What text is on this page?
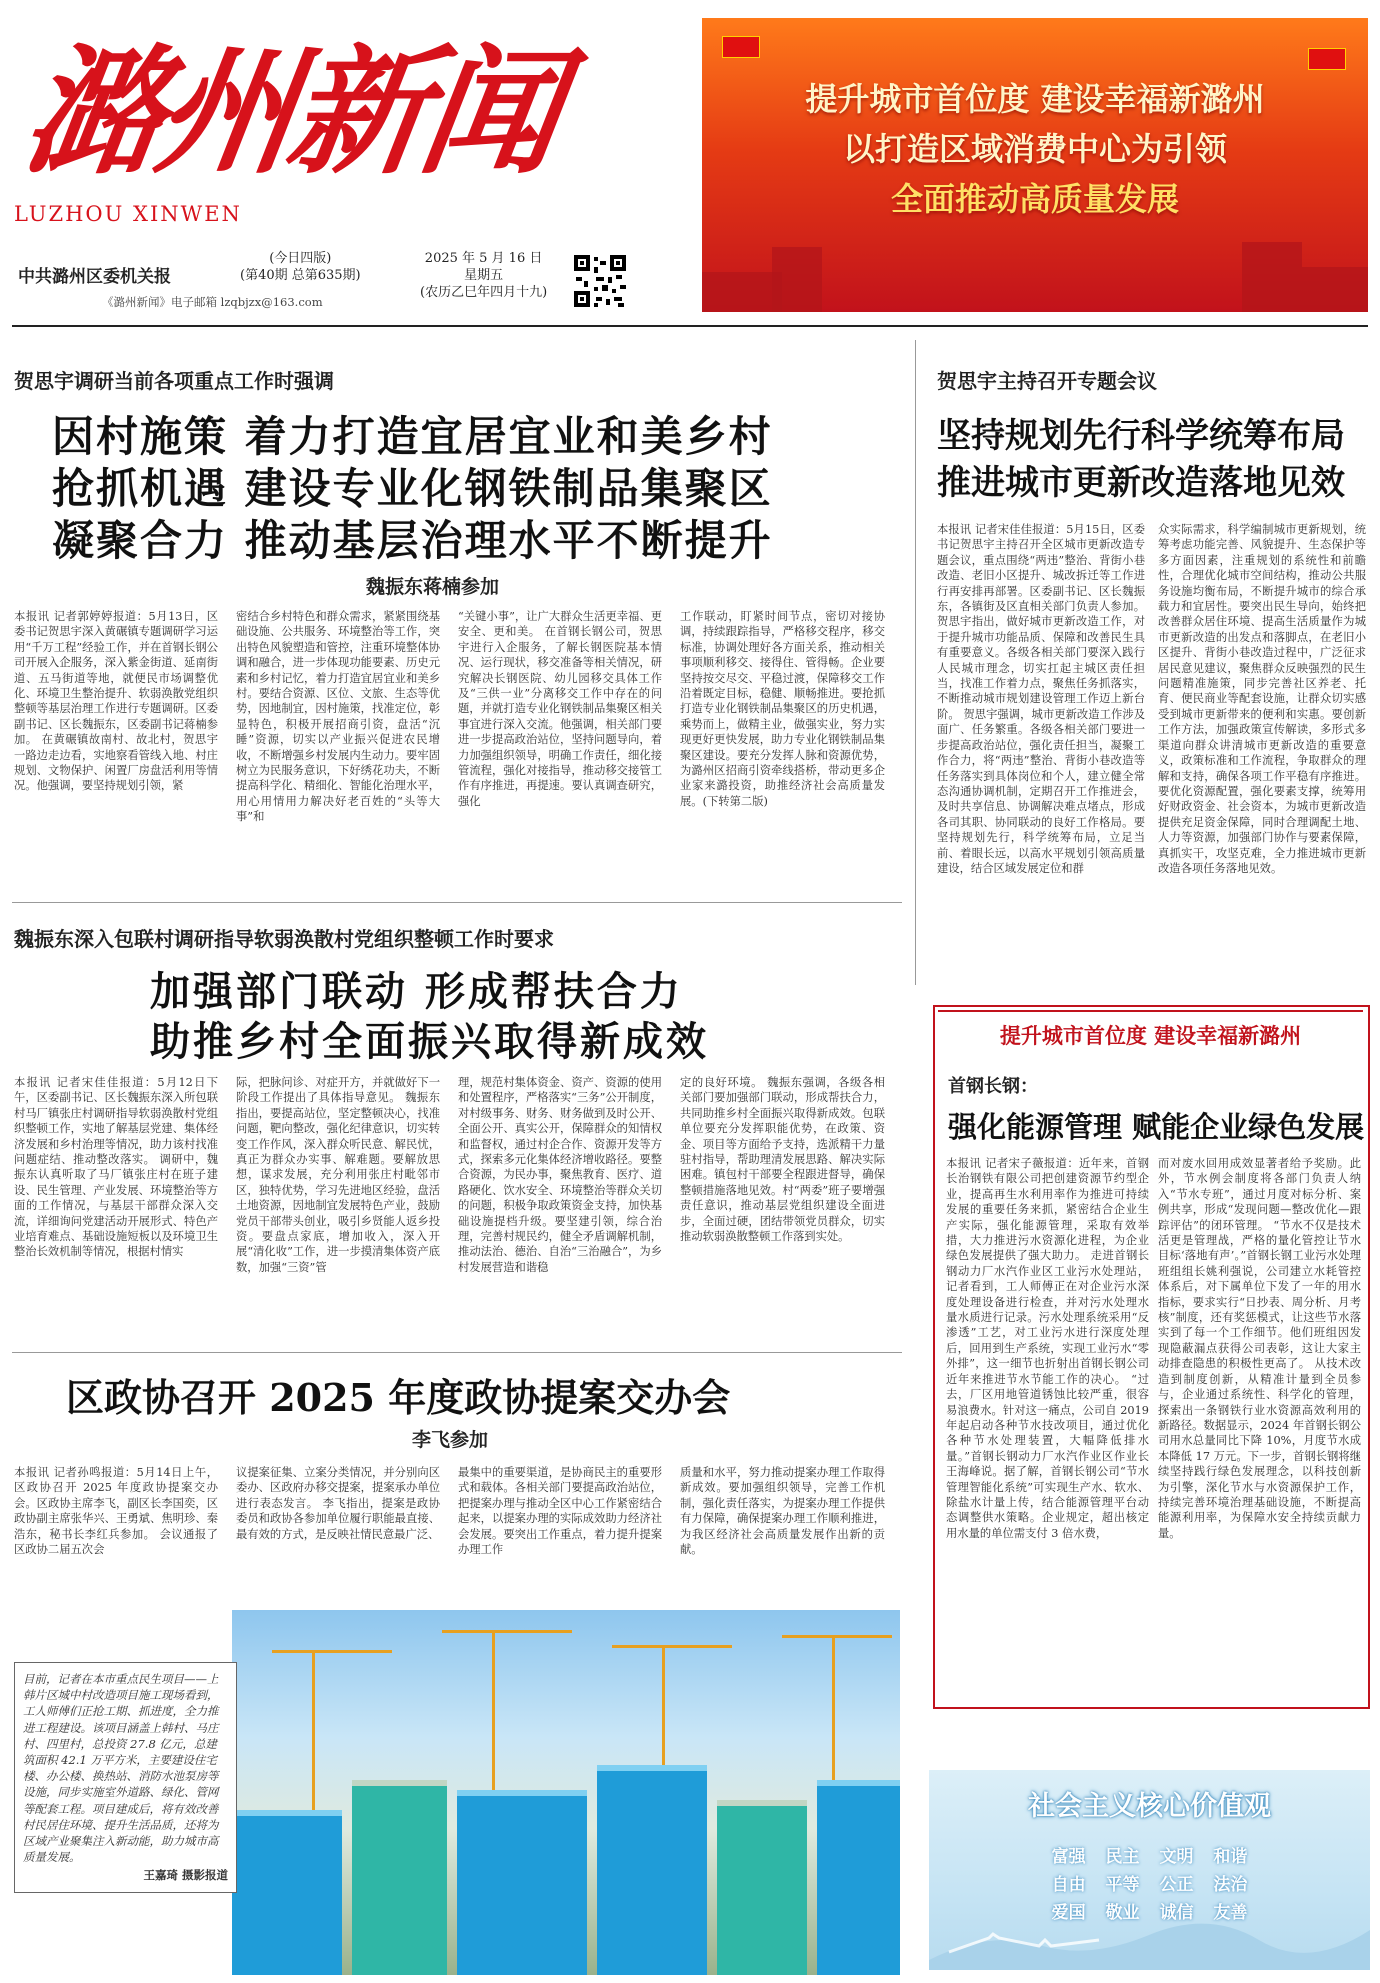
潞州新闻
LUZHOU XINWEN
提升城市首位度 建设幸福新潞州
以打造区域消费中心为引领
全面推动高质量发展
中共潞州区委机关报
《潞州新闻》电子邮箱 lzqbjzx@163.com
(今日四版)
(第40期 总第635期)
2025 年 5 月 16 日
星期五
(农历乙巳年四月十九)
贺思宇调研当前各项重点工作时强调
因村施策 着力打造宜居宜业和美乡村
抢抓机遇 建设专业化钢铁制品集聚区
凝聚合力 推动基层治理水平不断提升
魏振东蒋楠参加
本报讯 记者郭婷婷报道：5月13日，区委书记贺思宇深入黄碾镇专题调研学习运用“千万工程”经验工作，并在首钢长钢公司开展入企服务，深入紫金街道、延南街道、五马街道等地，就便民市场调整优化、环境卫生整治提升、软弱涣散党组织整顿等基层治理工作进行专题调研。区委副书记、区长魏振东，区委副书记蒋楠参加。 在黄碾镇故南村、故北村，贺思宇一路边走边看，实地察看管线入地、村庄规划、文物保护、闲置厂房盘活利用等情况。他强调，要坚持规划引领，紧
密结合乡村特色和群众需求，紧紧围绕基础设施、公共服务、环境整治等工作，突出特色风貌塑造和管控，注重环境整体协调和融合，进一步体现功能要素、历史元素和乡村记忆，着力打造宜居宜业和美乡村。要结合资源、区位、文旅、生态等优势，因地制宜，因村施策，找准定位，彰显特色，积极开展招商引资，盘活“沉睡”资源，切实以产业振兴促进农民增收，不断增强乡村发展内生动力。要牢固树立为民服务意识，下好绣花功夫，不断提高科学化、精细化、智能化治理水平，用心用情用力解决好老百姓的“头等大事”和
“关键小事”，让广大群众生活更幸福、更安全、更和美。 在首钢长钢公司，贺思宇进行入企服务，了解长钢医院基本情况、运行现状，移交准备等相关情况，研究解决长钢医院、幼儿园移交具体工作及“三供一业”分离移交工作中存在的问题，并就打造专业化钢铁制品集聚区相关事宜进行深入交流。他强调，相关部门要进一步提高政治站位，坚持问题导向，着力加强组织领导，明确工作责任，细化接管流程，强化对接指导，推动移交接管工作有序推进，再提速。要认真调查研究，强化
工作联动，盯紧时间节点，密切对接协调，持续跟踪指导，严格移交程序，移交标准，协调处理好各方面关系，推动相关事项顺利移交、接得住、管得畅。企业要坚持按交尽交、平稳过渡，保障移交工作沿着既定目标，稳健、顺畅推进。要抢抓打造专业化钢铁制品集聚区的历史机遇，乘势而上，做精主业，做强实业，努力实现更好更快发展，助力专业化钢铁制品集聚区建设。要充分发挥人脉和资源优势，为潞州区招商引资牵线搭桥，带动更多企业家来潞投资，助推经济社会高质量发展。(下转第二版)
贺思宇主持召开专题会议
坚持规划先行科学统筹布局
推进城市更新改造落地见效
本报讯 记者宋佳佳报道：5月15日，区委书记贺思宇主持召开全区城市更新改造专题会议，重点围绕“两违”整治、背街小巷改造、老旧小区提升、城改拆迁等工作进行再安排再部署。区委副书记、区长魏振东，各镇街及区直相关部门负责人参加。 贺思宇指出，做好城市更新改造工作，对于提升城市功能品质、保障和改善民生具有重要意义。各级各相关部门要深入践行人民城市理念，切实扛起主城区责任担当，找准工作着力点，聚焦任务抓落实，不断推动城市规划建设管理工作迈上新台阶。 贺思宇强调，城市更新改造工作涉及面广、任务繁重。各级各相关部门要进一步提高政治站位，强化责任担当，凝聚工作合力，将“两违”整治、背街小巷改造等任务落实到具体岗位和个人，建立健全常态沟通协调机制，定期召开工作推进会，及时共享信息、协调解决难点堵点，形成各司其职、协同联动的良好工作格局。要坚持规划先行，科学统筹布局，立足当前、着眼长远，以高水平规划引领高质量建设，结合区域发展定位和群
众实际需求，科学编制城市更新规划，统筹考虑功能完善、风貌提升、生态保护等多方面因素，注重规划的系统性和前瞻性，合理优化城市空间结构，推动公共服务设施均衡布局，不断提升城市的综合承载力和宜居性。要突出民生导向，始终把改善群众居住环境、提高生活质量作为城市更新改造的出发点和落脚点，在老旧小区提升、背街小巷改造过程中，广泛征求居民意见建议，聚焦群众反映强烈的民生问题精准施策，同步完善社区养老、托育、便民商业等配套设施，让群众切实感受到城市更新带来的便利和实惠。要创新工作方法，加强政策宣传解读，多形式多渠道向群众讲清城市更新改造的重要意义，政策标准和工作流程，争取群众的理解和支持，确保各项工作平稳有序推进。要优化资源配置，强化要素支撑，统筹用好财政资金、社会资本，为城市更新改造提供充足资金保障，同时合理调配土地、人力等资源，加强部门协作与要素保障，真抓实干，攻坚克难，全力推进城市更新改造各项任务落地见效。
魏振东深入包联村调研指导软弱涣散村党组织整顿工作时要求
加强部门联动 形成帮扶合力
助推乡村全面振兴取得新成效
本报讯 记者宋佳佳报道：5月12日下午，区委副书记、区长魏振东深入所包联村马厂镇张庄村调研指导软弱涣散村党组织整顿工作，实地了解基层党建、集体经济发展和乡村治理等情况，助力该村找准问题症结、推动整改落实。 调研中，魏振东认真听取了马厂镇张庄村在班子建设、民生管理、产业发展、环境整治等方面的工作情况，与基层干部群众深入交流，详细询问党建活动开展形式、特色产业培育难点、基础设施短板以及环境卫生整治长效机制等情况，根据村情实
际，把脉问诊、对症开方，并就做好下一阶段工作提出了具体指导意见。 魏振东指出，要提高站位，坚定整顿决心，找准问题，靶向整改，强化纪律意识，切实转变工作作风，深入群众听民意、解民忧，真正为群众办实事、解难题。要解放思想，谋求发展，充分利用张庄村毗邻市区，独特优势，学习先进地区经验，盘活土地资源，因地制宜发展特色产业，鼓励党员干部带头创业，吸引乡贤能人返乡投资。要盘点家底，增加收入，深入开展“清化收”工作，进一步摸清集体资产底数，加强“三资”管
理，规范村集体资金、资产、资源的使用和处置程序，严格落实“三务”公开制度，对村级事务、财务、财务做到及时公开、全面公开、真实公开，保障群众的知情权和监督权，通过村企合作、资源开发等方式，探索多元化集体经济增收路径。要整合资源，为民办事，聚焦教育、医疗、道路硬化、饮水安全、环境整治等群众关切的问题，积极争取政策资金支持，加快基础设施提档升级。要坚建引领，综合治理，完善村规民约，健全矛盾调解机制，推动法治、德治、自治“三治融合”，为乡村发展营造和谐稳
定的良好环境。 魏振东强调，各级各相关部门要加强部门联动，形成帮扶合力，共同助推乡村全面振兴取得新成效。包联单位要充分发挥职能优势，在政策、资金、项目等方面给予支持，选派精干力量驻村指导，帮助理清发展思路、解决实际困难。镇包村干部要全程跟进督导，确保整顿措施落地见效。村“两委”班子要增强责任意识，推动基层党组织建设全面进步，全面过硬，团结带领党员群众，切实推动软弱涣散整顿工作落到实处。
区政协召开 2025 年度政协提案交办会
李飞参加
本报讯 记者孙鸣报道：5月14日上午，区政协召开 2025 年度政协提案交办会。区政协主席李飞，副区长李国奕，区政协副主席张华兴、王勇斌、焦明珍、秦浩东，秘书长李红兵参加。 会议通报了区政协二届五次会
议提案征集、立案分类情况，并分别向区委办、区政府办移交提案，提案承办单位进行表态发言。 李飞指出，提案是政协委员和政协各参加单位履行职能最直接、最有效的方式，是反映社情民意最广泛、
最集中的重要渠道，是协商民主的重要形式和载体。各相关部门要提高政治站位，把提案办理与推动全区中心工作紧密结合起来，以提案办理的实际成效助力经济社会发展。要突出工作重点，着力提升提案办理工作
质量和水平，努力推动提案办理工作取得新成效。要加强组织领导，完善工作机制，强化责任落实，为提案办理工作提供有力保障，确保提案办理工作顺利推进，为我区经济社会高质量发展作出新的贡献。
目前，记者在本市重点民生项目——上韩片区城中村改造项目施工现场看到，工人师傅们正抢工期、抓进度，全力推进工程建设。该项目涵盖上韩村、马庄村、四里村，总投资 27.8 亿元，总建筑面积 42.1 万平方米，主要建设住宅楼、办公楼、换热站、消防水池泵房等设施，同步实施室外道路、绿化、管网等配套工程。项目建成后，将有效改善村民居住环境、提升生活品质，还将为区域产业聚集注入新动能，助力城市高质量发展。
王嘉琦 摄影报道
提升城市首位度 建设幸福新潞州
首钢长钢：
强化能源管理 赋能企业绿色发展
本报讯 记者宋子薇报道：近年来，首钢长治钢铁有限公司把创建资源节约型企业，提高再生水利用率作为推进可持续发展的重要任务来抓，紧密结合企业生产实际，强化能源管理，采取有效举措，大力推进污水资源化进程，为企业绿色发展提供了强大助力。 走进首钢长钢动力厂水汽作业区工业污水处理站，记者看到，工人师傅正在对企业污水深度处理设备进行检查，并对污水处理水量水质进行记录。污水处理系统采用“反渗透”工艺，对工业污水进行深度处理后，回用到生产系统，实现工业污水“零外排”，这一细节也折射出首钢长钢公司近年来推进节水节能工作的决心。 “过去，厂区用地管道锈蚀比较严重，很容易浪费水。针对这一痛点，公司自 2019 年起启动各种节水技改项目，通过优化各种节水处理装置，大幅降低排水量。”首钢长钢动力厂水汽作业区作业长王海峰说。据了解，首钢长钢公司“节水管理智能化系统”可实现生产水、软水、除盐水计量上传，结合能源管理平台动态调整供水策略。企业规定，超出核定用水量的单位需支付 3 倍水费，
而对废水回用成效显著者给予奖励。此外，节水例会制度将各部门负责人纳入“节水专班”，通过月度对标分析、案例共享，形成“发现问题—整改优化—跟踪评估”的闭环管理。 “节水不仅是技术活更是管理战，严格的量化管控让节水目标‘落地有声’。”首钢长钢工业污水处理班组组长姚利强说，公司建立水耗管控体系后，对下属单位下发了一年的用水指标，要求实行“日抄表、周分析、月考核”制度，还有奖惩模式，让这些节水落实到了每一个工作细节。他们班组因发现隐蔽漏点获得公司表彰，这让大家主动排查隐患的积极性更高了。 从技术改造到制度创新，从精准计量到全员参与，企业通过系统性、科学化的管理，探索出一条钢铁行业水资源高效利用的新路径。数据显示，2024 年首钢长钢公司用水总量同比下降 10%，月度节水成本降低 17 万元。下一步，首钢长钢将继续坚持践行绿色发展理念，以科技创新为引擎，深化节水与水资源保护工作，持续完善环境治理基础设施，不断提高能源利用率，为保障水安全持续贡献力量。
社会主义核心价值观
富强 民主 文明 和谐
自由 平等 公正 法治
爱国 敬业 诚信 友善
